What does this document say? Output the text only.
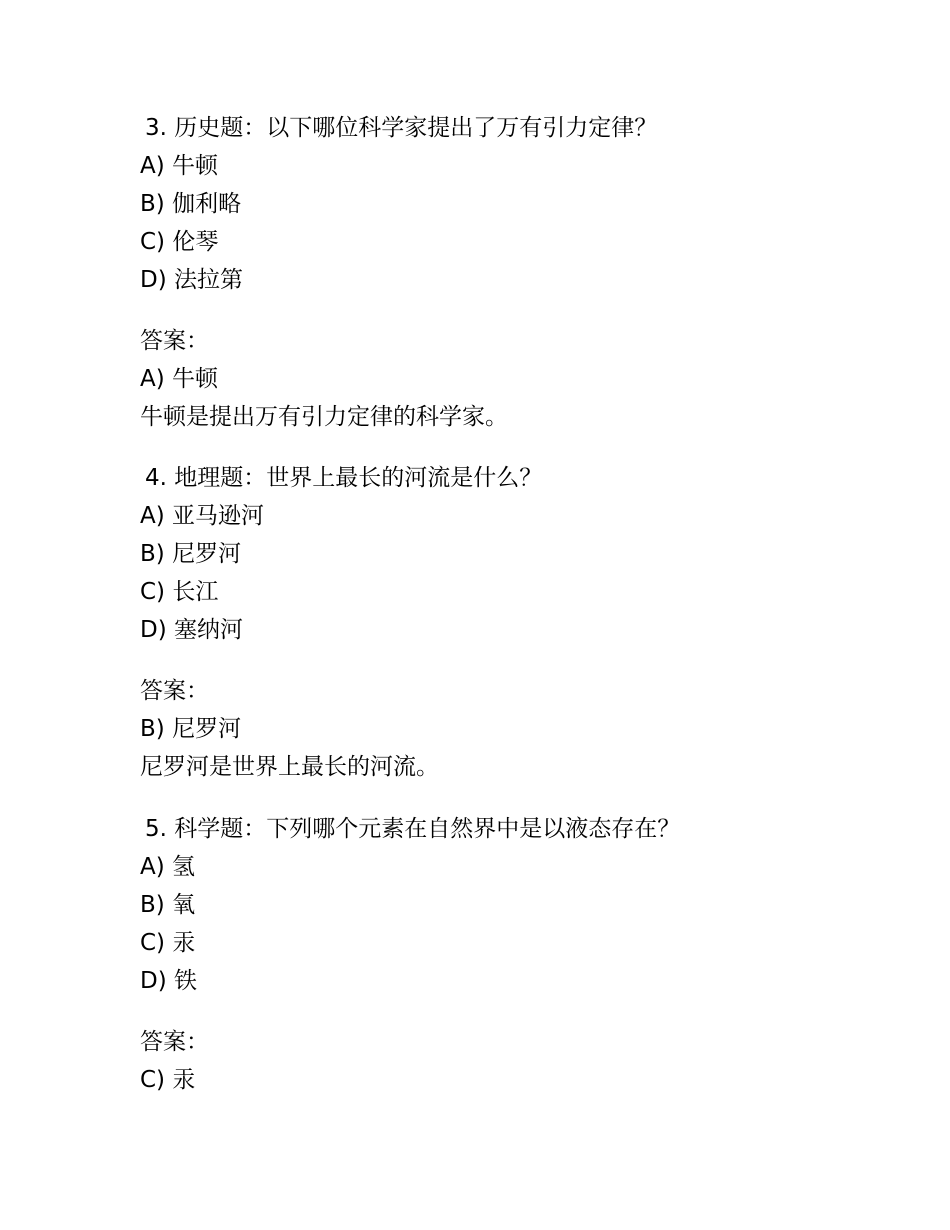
3. 历史题：以下哪位科学家提出了万有引力定律？
A) 牛顿
B) 伽利略
C) 伦琴
D) 法拉第
答案：
A) 牛顿
牛顿是提出万有引力定律的科学家。
4. 地理题：世界上最长的河流是什么？
A) 亚马逊河
B) 尼罗河
C) 长江
D) 塞纳河
答案：
B) 尼罗河
尼罗河是世界上最长的河流。
5. 科学题：下列哪个元素在自然界中是以液态存在？
A) 氢
B) 氧
C) 汞
D) 铁
答案：
C) 汞
